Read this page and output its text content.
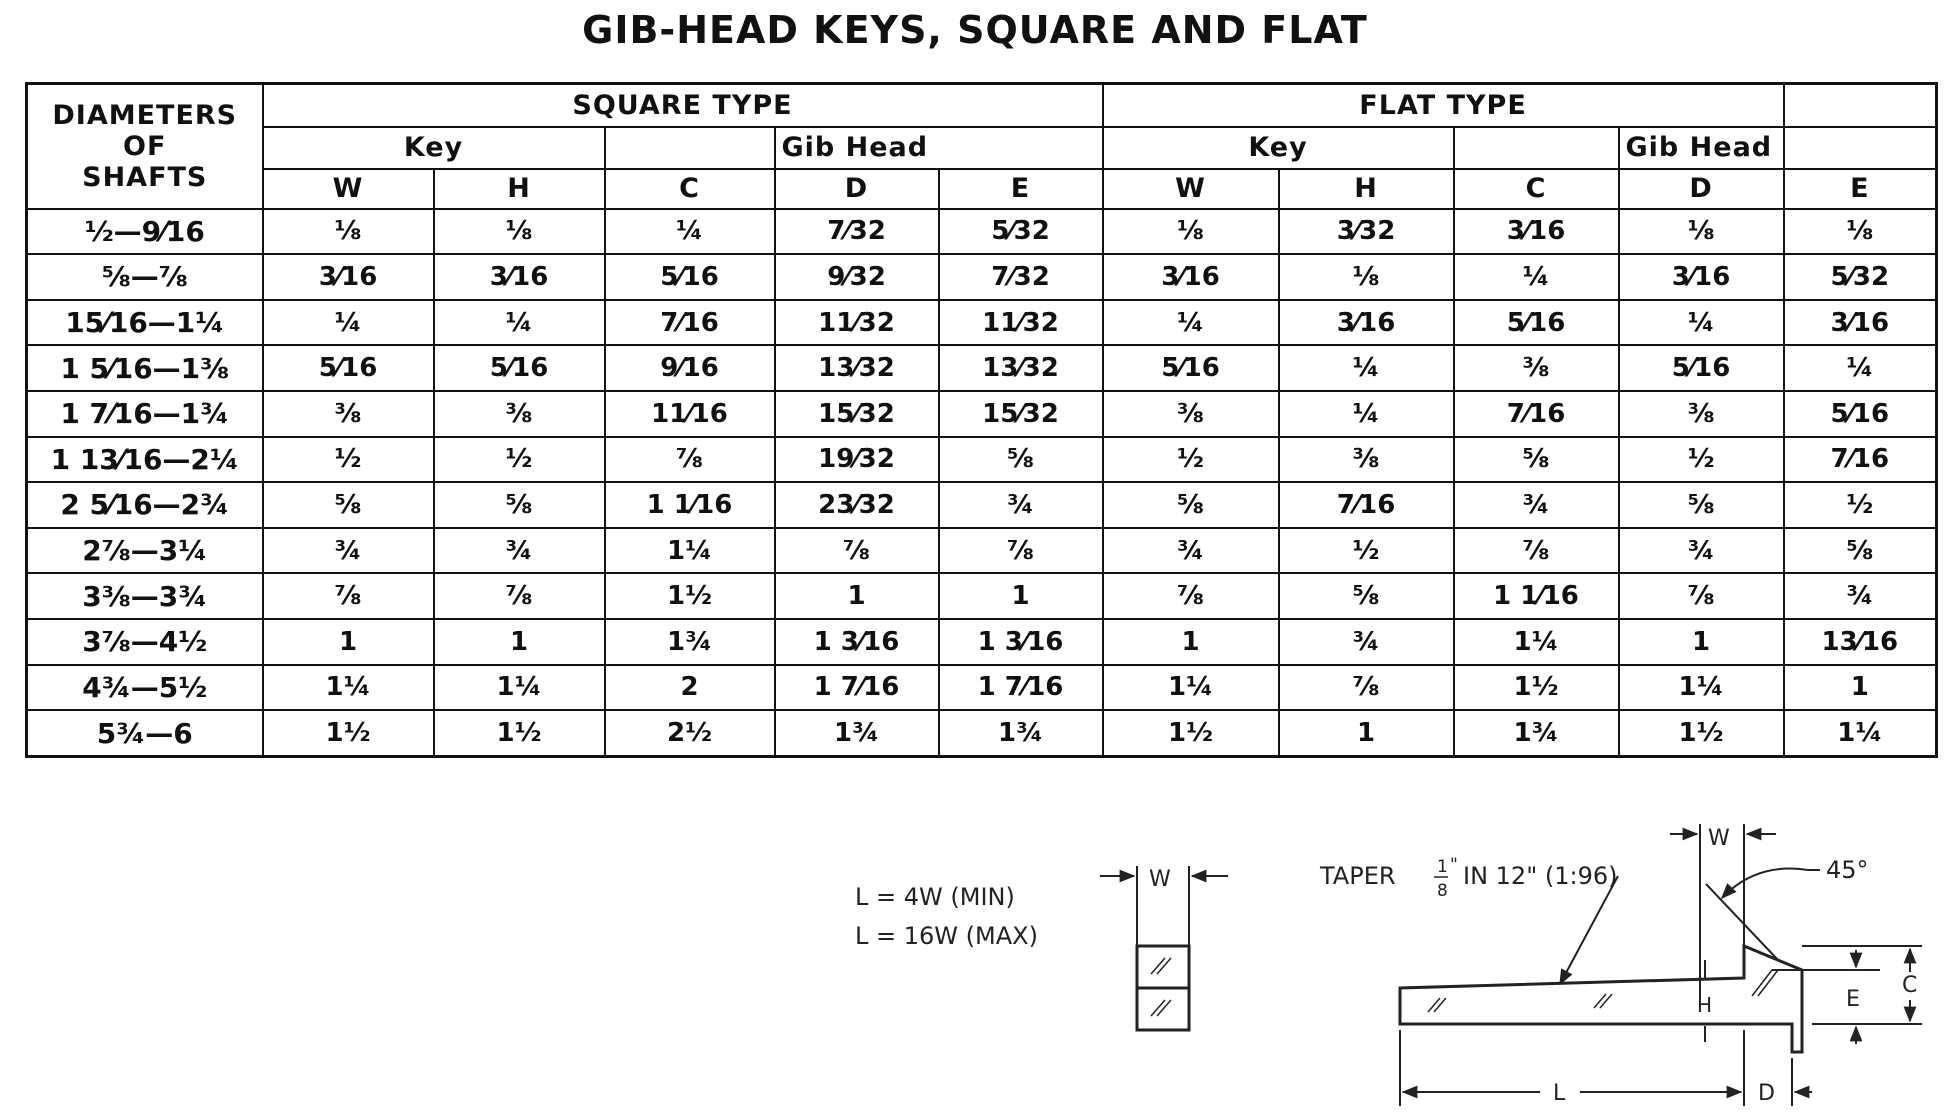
GIB-HEAD KEYS, SQUARE AND FLAT
DIAMETERS
OF
SHAFTS	SQUARE TYPE					FLAT TYPE				
	Key			Gib Head		Key			Gib Head	
	W	H	C	D	E	W	H	C	D	E
½—9⁄16	⅛	⅛	¼	7⁄32	5⁄32	⅛	3⁄32	3⁄16	⅛	⅛
⅝—⅞	3⁄16	3⁄16	5⁄16	9⁄32	7⁄32	3⁄16	⅛	¼	3⁄16	5⁄32
15⁄16—1¼	¼	¼	7⁄16	11⁄32	11⁄32	¼	3⁄16	5⁄16	¼	3⁄16
1 5⁄16—1⅜	5⁄16	5⁄16	9⁄16	13⁄32	13⁄32	5⁄16	¼	⅜	5⁄16	¼
1 7⁄16—1¾	⅜	⅜	11⁄16	15⁄32	15⁄32	⅜	¼	7⁄16	⅜	5⁄16
1 13⁄16—2¼	½	½	⅞	19⁄32	⅝	½	⅜	⅝	½	7⁄16
2 5⁄16—2¾	⅝	⅝	1 1⁄16	23⁄32	¾	⅝	7⁄16	¾	⅝	½
2⅞—3¼	¾	¾	1¼	⅞	⅞	¾	½	⅞	¾	⅝
3⅜—3¾	⅞	⅞	1½	1	1	⅞	⅝	1 1⁄16	⅞	¾
3⅞—4½	1	1	1¾	1 3⁄16	1 3⁄16	1	¾	1¼	1	13⁄16
4¾—5½	1¼	1¼	2	1 7⁄16	1 7⁄16	1¼	⅞	1½	1¼	1
5¾—6	1½	1½	2½	1¾	1¾	1½	1	1¾	1½	1¼
L = 4W (MIN)
L = 16W (MAX)
W	TAPER 1
8
" IN 12" (1:96)
W
45°
H	E
C
L	D
